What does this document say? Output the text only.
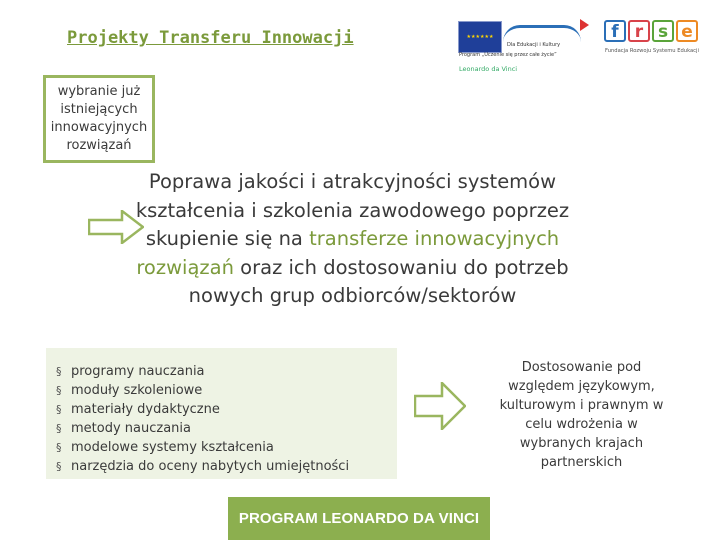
Projekty Transferu Innowacji	★★★★★★
Dla Edukacji i Kultury
Program „Uczenie się przez całe życie”
Leonardo da Vinci
f r s e
Fundacja Rozwoju Systemu Edukacji
wybranie już istniejących innowacyjnych rozwiązań
Poprawa jakości i atrakcyjności systemów kształcenia i szkolenia zawodowego poprzez skupienie się na transferze innowacyjnych rozwiązań oraz ich dostosowaniu do potrzeb nowych grup odbiorców/sektorów
§ programy nauczania
§ moduły szkoleniowe
§ materiały dydaktyczne
§ metody nauczania
§ modelowe systemy kształcenia
§ narzędzia do oceny nabytych umiejętności
Dostosowanie pod względem językowym, kulturowym i prawnym w celu wdrożenia w wybranych krajach partnerskich
PROGRAM LEONARDO DA VINCI
